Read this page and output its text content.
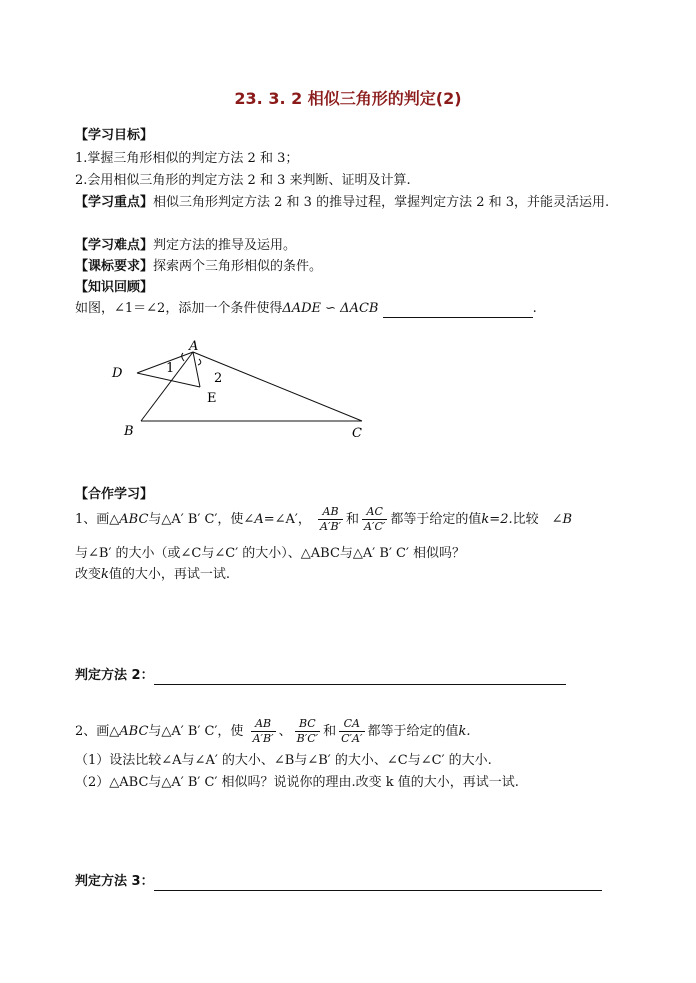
23. 3. 2 相似三角形的判定(2)
【学习目标】
1.掌握三角形相似的判定方法 2 和 3；
2.会用相似三角形的判定方法 2 和 3 来判断、证明及计算.
【学习重点】相似三角形判定方法 2 和 3 的推导过程，掌握判定方法 2 和 3，并能灵活运用.
【学习难点】判定方法的推导及运用。
【课标要求】探索两个三角形相似的条件。
【知识回顾】
如图，∠1＝∠2，添加一个条件使得ΔADE ∽ ΔACB	.
A
D	1
2
E
B	C
【合作学习】
1、画△ABC与△A′ B′ C′，使∠A=∠A′， $\frac{AB}{A'B'}$ 和 $\frac{AC}{A'C'}$ 都等于给定的值k=2.比较　∠B
与∠B′ 的大小（或∠C与∠C′ 的大小）、△ABC与△A′ B′ C′ 相似吗？
改变k值的大小，再试一试.
判定方法 2：
2、画△ABC与△A′ B′ C′，使 $\frac{AB}{A'B'}$ 、 $\frac{BC}{B'C'}$ 和 $\frac{CA}{C'A'}$ 都等于给定的值k.
（1）设法比较∠A与∠A′ 的大小、∠B与∠B′ 的大小、∠C与∠C′ 的大小.
（2）△ABC与△A′ B′ C′ 相似吗？说说你的理由.改变 k 值的大小，再试一试.
判定方法 3：
